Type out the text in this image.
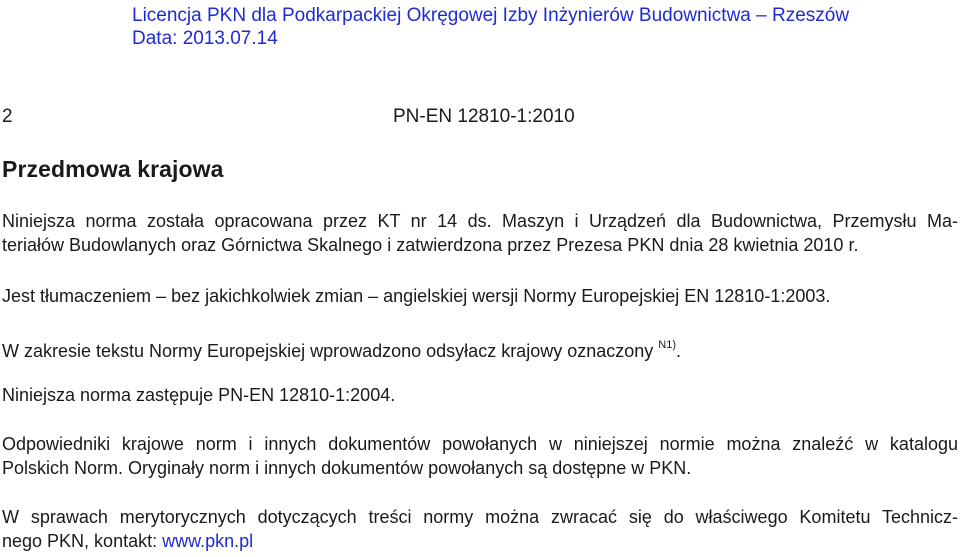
Licencja PKN dla Podkarpackiej Okręgowej Izby Inżynierów Budownictwa – Rzeszów
Data: 2013.07.14
2	PN-EN 12810-1:2010
Przedmowa krajowa

Niniejsza norma została opracowana przez KT nr 14 ds. Maszyn i Urządzeń dla Budownictwa, Przemysłu Ma-
teriałów Budowlanych oraz Górnictwa Skalnego i zatwierdzona przez Prezesa PKN dnia 28 kwietnia 2010 r.

Jest tłumaczeniem – bez jakichkolwiek zmian – angielskiej wersji Normy Europejskiej EN 12810-1:2003.

W zakresie tekstu Normy Europejskiej wprowadzono odsyłacz krajowy oznaczony $^{N1)}$.

Niniejsza norma zastępuje PN-EN 12810-1:2004.

Odpowiedniki krajowe norm i innych dokumentów powołanych w niniejszej normie można znaleźć w katalogu
Polskich Norm. Oryginały norm i innych dokumentów powołanych są dostępne w PKN.

W sprawach merytorycznych dotyczących treści normy można zwracać się do właściwego Komitetu Technicz-
nego PKN, kontakt: www.pkn.pl
